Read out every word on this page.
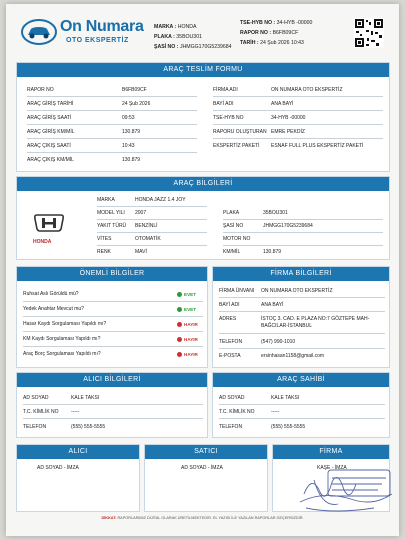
On Numara
OTO EKSPERTİZ
MARKA : HONDA
PLAKA : 35BOU301
ŞASİ NO : JHMGG170G5239684
TSE-HYB NO : 34-HYB -00000
RAPOR NO : B6FB09CF
TARİH : 24 Şub 2026 10:43
ARAÇ TESLİM FORMU
RAPOR NO	B6FB09CF
ARAÇ GİRİŞ TARİHİ	24 Şub 2026
ARAÇ GİRİŞ SAATİ	09:53
ARAÇ GİRİŞ KM/MİL	130.879
ARAÇ ÇIKIŞ SAATİ	10:43
ARAÇ ÇIKIŞ KM/MİL	130.879
FİRMA ADI	ON NUMARA OTO EKSPERTİZ
BAYİ ADI	ANA BAYİ
TSE-HYB NO	34-HYB -00000
RAPORU OLUŞTURAN EMRE PEKDİZ
EKSPERTİZ PAKETİ ESNAF FULL PLUS EKSPERTİZ PAKETİ
ARAÇ BİLGİLERİ
HONDA
MARKA	HONDA JAZZ 1.4 JOY
MODEL YILI 2007
YAKIT TÜRÜ BENZİNLİ
VİTES	OTOMATİK
RENK	MAVİ
PLAKA	35BOU301
ŞASİ NO	JHMGG170G5239684
MOTOR NO
KM/MİL	130.879
ÖNEMLİ BİLGİLER
Ruhsat Aslı Görüldü mü?	EVET
Yedek Anahtar Mevcut mu?	EVET
Hasar Kaydı Sorgulaması Yapıldı mı?	HAYIR
KM Kaydı Sorgulaması Yapıldı mı?	HAYIR
Araç Borç Sorgulaması Yapıldı mı?	HAYIR
FİRMA BİLGİLERİ
FİRMA ÜNVANI ON NUMARA OTO EKSPERTİZ
BAYİ ADI	ANA BAYİ
ADRES	İSTOÇ 3. CAD. E PLAZA NO:7 GÖZTEPE MAH-
BAĞCILAR-İSTANBUL
TELEFON	(547) 990-1010
E-POSTA	ersinhasan1158@gmail.com
ALICI BİLGİLERİ
AD SOYAD	KALE TAKSI
T.C. KİMLİK NO -----
TELEFON	(555) 555-5555
ARAÇ SAHİBİ
AD SOYAD	KALE TAKSI
T.C. KİMLİK NO	-----
TELEFON	(555) 555-5555
ALICI
AD SOYAD - İMZA
SATICI
AD SOYAD - İMZA
FİRMA
KAŞE - İMZA
DİKKAT: RAPORLARIMIZ DİJİTAL OLARAK ÜRETİLMEKTEDİR. EL YAZISI İLE YAZILAN RAPORLAR GEÇERSİZDİR.
